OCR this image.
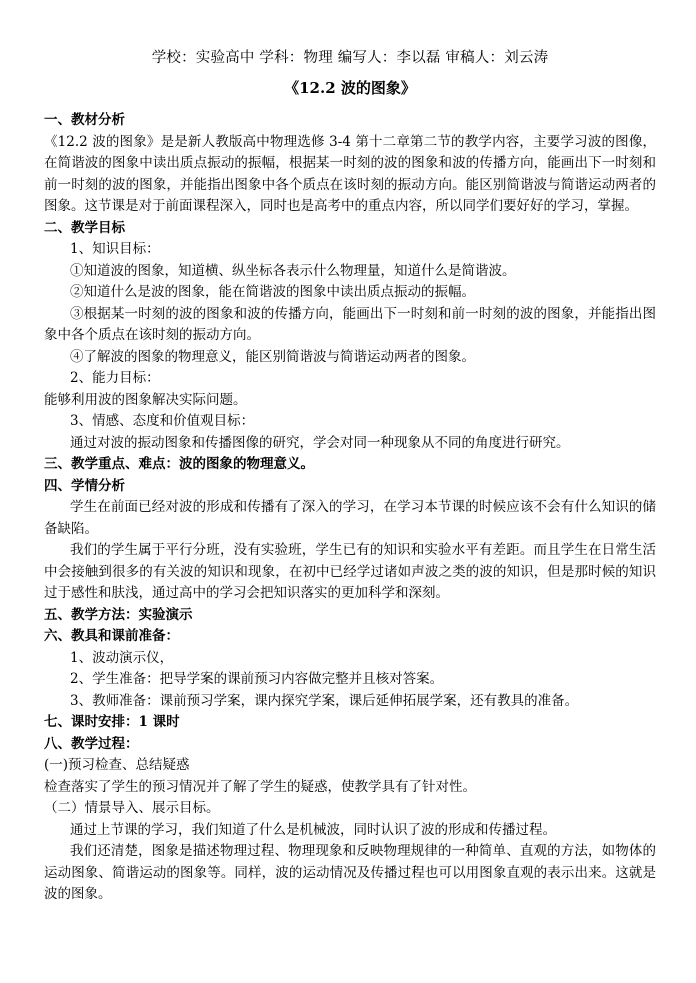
学校：实验高中 学科：物理 编写人：李以磊 审稿人：刘云涛
《12.2 波的图象》

一、教材分析

《12.2 波的图象》是是新人教版高中物理选修 3-4 第十二章第二节的教学内容，主要学习波的图像，在简谐波的图象中读出质点振动的振幅，根据某一时刻的波的图象和波的传播方向，能画出下一时刻和前一时刻的波的图象，并能指出图象中各个质点在该时刻的振动方向。能区别简谐波与简谐运动两者的图象。这节课是对于前面课程深入，同时也是高考中的重点内容，所以同学们要好好的学习，掌握。

二、教学目标

1、知识目标：

①知道波的图象，知道横、纵坐标各表示什么物理量，知道什么是简谐波。

②知道什么是波的图象，能在简谐波的图象中读出质点振动的振幅。

③根据某一时刻的波的图象和波的传播方向，能画出下一时刻和前一时刻的波的图象，并能指出图象中各个质点在该时刻的振动方向。

④了解波的图象的物理意义，能区别简谐波与简谐运动两者的图象。

2、能力目标：

能够利用波的图象解决实际问题。

3、情感、态度和价值观目标：

通过对波的振动图象和传播图像的研究，学会对同一种现象从不同的角度进行研究。

三、教学重点、难点：波的图象的物理意义。

四、学情分析

学生在前面已经对波的形成和传播有了深入的学习，在学习本节课的时候应该不会有什么知识的储备缺陷。

我们的学生属于平行分班，没有实验班，学生已有的知识和实验水平有差距。而且学生在日常生活中会接触到很多的有关波的知识和现象，在初中已经学过诸如声波之类的波的知识，但是那时候的知识过于感性和肤浅，通过高中的学习会把知识落实的更加科学和深刻。

五、教学方法：实验演示

六、教具和课前准备：

1、波动演示仪，

2、学生准备：把导学案的课前预习内容做完整并且核对答案。

3、教师准备：课前预习学案，课内探究学案，课后延伸拓展学案，还有教具的准备。

七、课时安排：1 课时

八、教学过程：

(一)预习检查、总结疑惑

检查落实了学生的预习情况并了解了学生的疑惑，使教学具有了针对性。

（二）情景导入、展示目标。

通过上节课的学习，我们知道了什么是机械波，同时认识了波的形成和传播过程。

我们还清楚，图象是描述物理过程、物理现象和反映物理规律的一种简单、直观的方法，如物体的运动图象、简谐运动的图象等。同样，波的运动情况及传播过程也可以用图象直观的表示出来。这就是波的图象。
